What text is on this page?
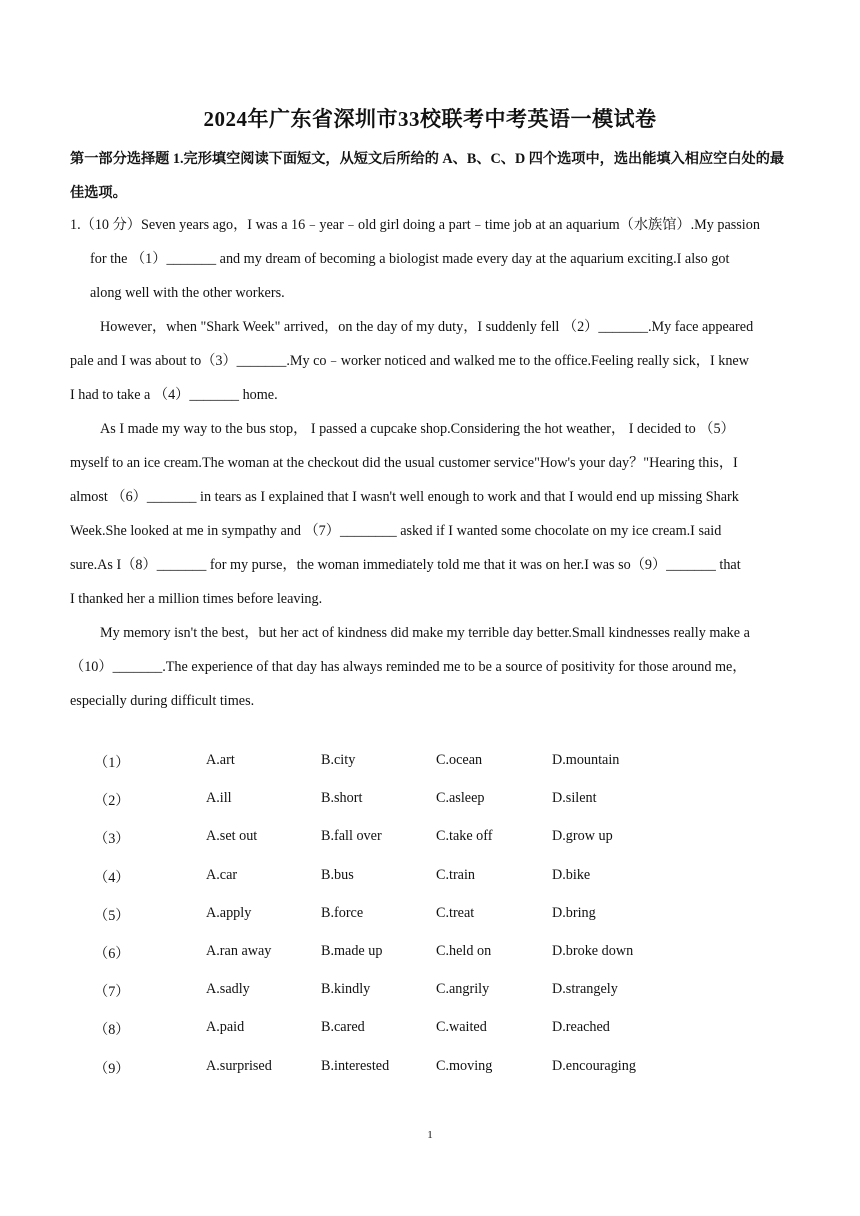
2024年广东省深圳市33校联考中考英语一模试卷
第一部分选择题 1.完形填空阅读下面短文，从短文后所给的 A、B、C、D 四个选项中，选出能填入相应空白处的最佳选项。
1.（10 分）Seven years ago，I was a 16﹣year﹣old girl doing a part﹣time job at an aquarium（水族馆）.My passion
for the （1）_______ and my dream of becoming a biologist made every day at the aquarium exciting.I also got
along well with the other workers.
However，when "Shark Week" arrived，on the day of my duty，I suddenly fell （2）_______.My face appeared
pale and I was about to（3）_______.My co﹣worker noticed and walked me to the office.Feeling really sick，I knew
I had to take a （4）_______ home.
As I made my way to the bus stop， I passed a cupcake shop.Considering the hot weather， I decided to （5）
myself to an ice cream.The woman at the checkout did the usual customer service"How's your day？"Hearing this，I
almost （6）_______ in tears as I explained that I wasn't well enough to work and that I would end up missing Shark
Week.She looked at me in sympathy and （7）________ asked if I wanted some chocolate on my ice cream.I said
sure.As I（8）_______ for my purse，the woman immediately told me that it was on her.I was so（9）_______ that
I thanked her a million times before leaving.
My memory isn't the best，but her act of kindness did make my terrible day better.Small kindnesses really make a
（10）_______.The experience of that day has always reminded me to be a source of positivity for those around me，
especially during difficult times.
（1）	A.art	B.city	C.ocean	D.mountain
（2）	A.ill	B.short	C.asleep	D.silent
（3）	A.set out	B.fall over	C.take off	D.grow up
（4）	A.car	B.bus	C.train	D.bike
（5）	A.apply	B.force	C.treat	D.bring
（6）	A.ran away	B.made up	C.held on	D.broke down
（7）	A.sadly	B.kindly	C.angrily	D.strangely
（8）	A.paid	B.cared	C.waited	D.reached
（9）	A.surprised	B.interested	C.moving	D.encouraging
1
